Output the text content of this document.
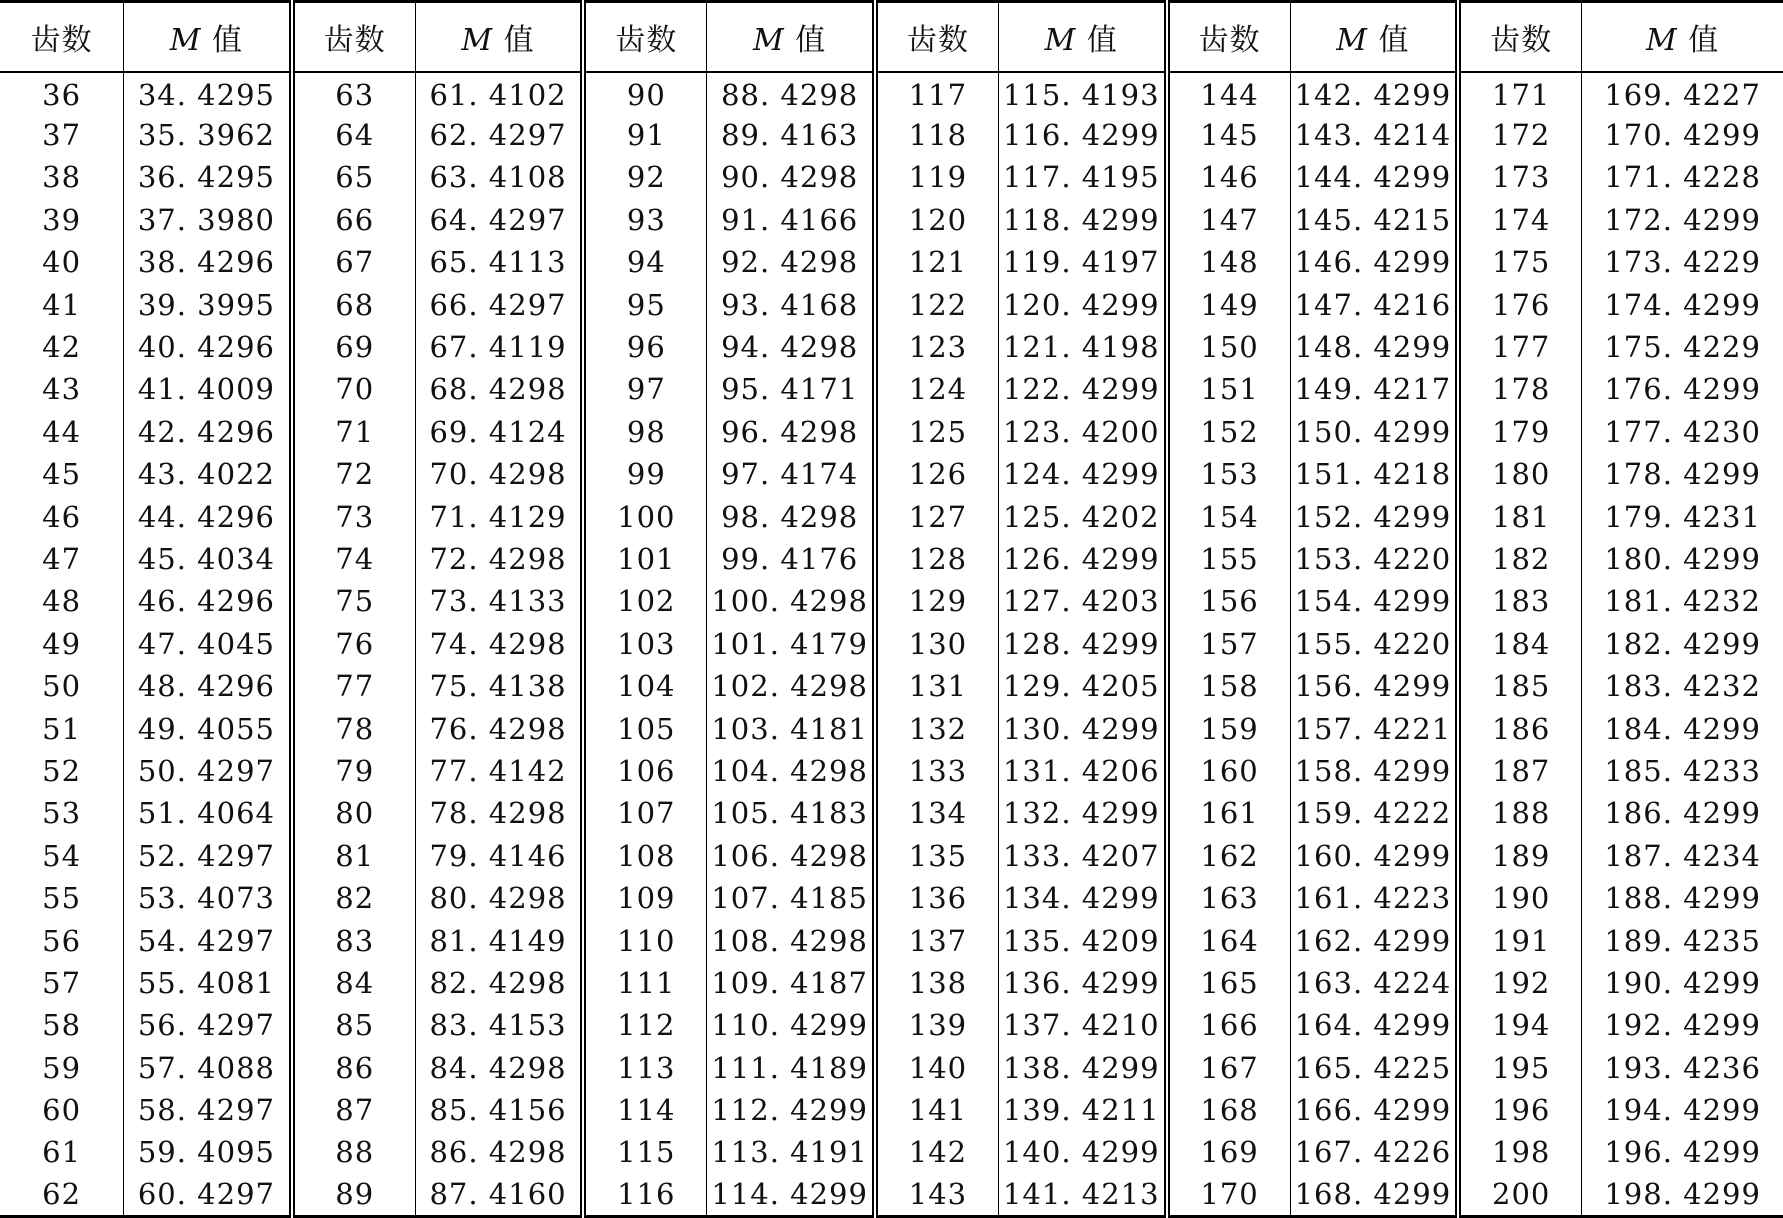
齿数	M 值	齿数	M 值	齿数	M 值	齿数	M 值	齿数	M 值	齿数	M 值
36	34. 4295	63	61. 4102	90	88. 4298	117	115. 4193	144	142. 4299	171	169. 4227
37	35. 3962	64	62. 4297	91	89. 4163	118	116. 4299	145	143. 4214	172	170. 4299
38	36. 4295	65	63. 4108	92	90. 4298	119	117. 4195	146	144. 4299	173	171. 4228
39	37. 3980	66	64. 4297	93	91. 4166	120	118. 4299	147	145. 4215	174	172. 4299
40	38. 4296	67	65. 4113	94	92. 4298	121	119. 4197	148	146. 4299	175	173. 4229
41	39. 3995	68	66. 4297	95	93. 4168	122	120. 4299	149	147. 4216	176	174. 4299
42	40. 4296	69	67. 4119	96	94. 4298	123	121. 4198	150	148. 4299	177	175. 4229
43	41. 4009	70	68. 4298	97	95. 4171	124	122. 4299	151	149. 4217	178	176. 4299
44	42. 4296	71	69. 4124	98	96. 4298	125	123. 4200	152	150. 4299	179	177. 4230
45	43. 4022	72	70. 4298	99	97. 4174	126	124. 4299	153	151. 4218	180	178. 4299
46	44. 4296	73	71. 4129	100	98. 4298	127	125. 4202	154	152. 4299	181	179. 4231
47	45. 4034	74	72. 4298	101	99. 4176	128	126. 4299	155	153. 4220	182	180. 4299
48	46. 4296	75	73. 4133	102	100. 4298	129	127. 4203	156	154. 4299	183	181. 4232
49	47. 4045	76	74. 4298	103	101. 4179	130	128. 4299	157	155. 4220	184	182. 4299
50	48. 4296	77	75. 4138	104	102. 4298	131	129. 4205	158	156. 4299	185	183. 4232
51	49. 4055	78	76. 4298	105	103. 4181	132	130. 4299	159	157. 4221	186	184. 4299
52	50. 4297	79	77. 4142	106	104. 4298	133	131. 4206	160	158. 4299	187	185. 4233
53	51. 4064	80	78. 4298	107	105. 4183	134	132. 4299	161	159. 4222	188	186. 4299
54	52. 4297	81	79. 4146	108	106. 4298	135	133. 4207	162	160. 4299	189	187. 4234
55	53. 4073	82	80. 4298	109	107. 4185	136	134. 4299	163	161. 4223	190	188. 4299
56	54. 4297	83	81. 4149	110	108. 4298	137	135. 4209	164	162. 4299	191	189. 4235
57	55. 4081	84	82. 4298	111	109. 4187	138	136. 4299	165	163. 4224	192	190. 4299
58	56. 4297	85	83. 4153	112	110. 4299	139	137. 4210	166	164. 4299	194	192. 4299
59	57. 4088	86	84. 4298	113	111. 4189	140	138. 4299	167	165. 4225	195	193. 4236
60	58. 4297	87	85. 4156	114	112. 4299	141	139. 4211	168	166. 4299	196	194. 4299
61	59. 4095	88	86. 4298	115	113. 4191	142	140. 4299	169	167. 4226	198	196. 4299
62	60. 4297	89	87. 4160	116	114. 4299	143	141. 4213	170	168. 4299	200	198. 4299
